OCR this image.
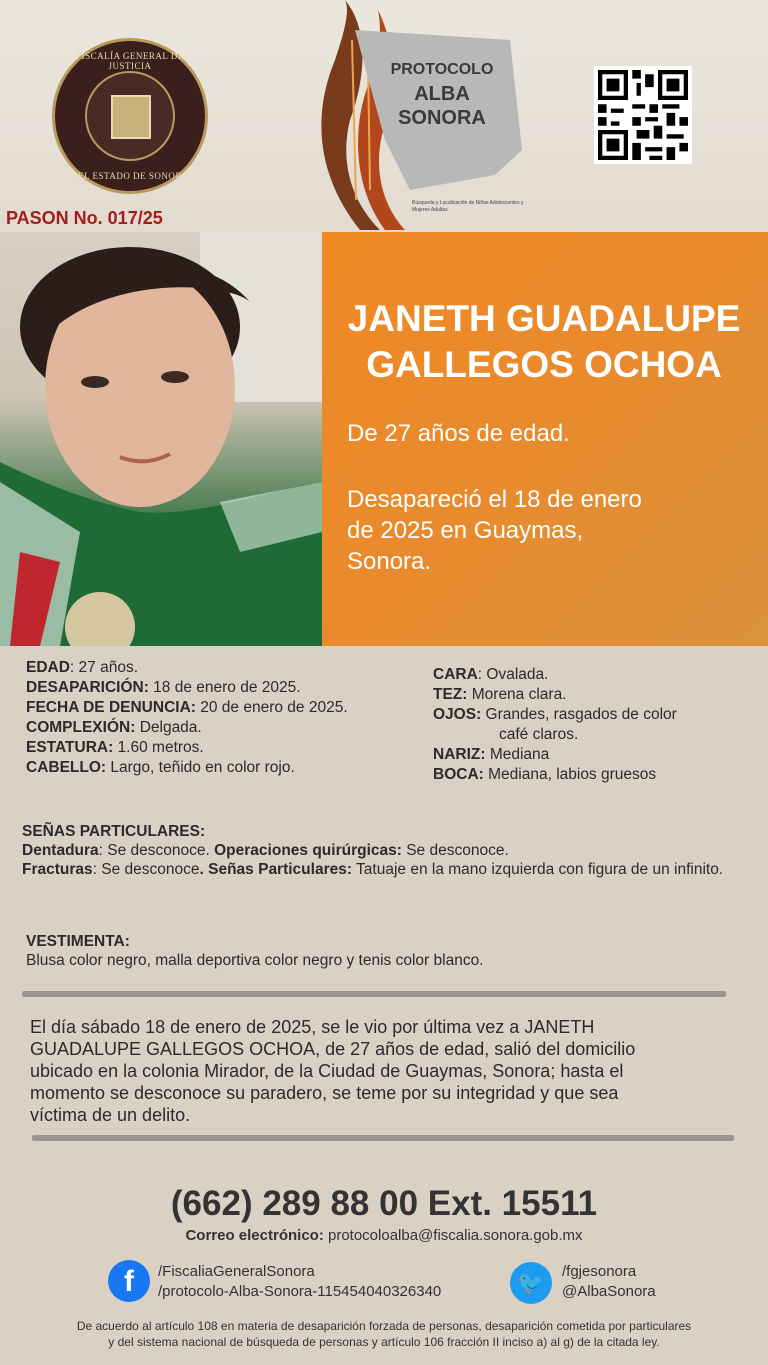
FISCALÍA GENERAL DE JUSTICIA
DEL ESTADO DE SONORA
PASON No. 017/25
PROTOCOLO
ALBA
SONORA
Búsqueda y Localización de Niñas Adolescentes y Mujeres Adultas
JANETH GUADALUPE
GALLEGOS OCHOA
De 27 años de edad.
Desapareció el 18 de enero
de 2025 en Guaymas,
Sonora.
EDAD: 27 años.
DESAPARICIÓN: 18 de enero de 2025.
FECHA DE DENUNCIA: 20 de enero de 2025.
COMPLEXIÓN: Delgada.
ESTATURA: 1.60 metros.
CABELLO: Largo, teñido en color rojo.
CARA: Ovalada.
TEZ: Morena clara.
OJOS: Grandes, rasgados de color
café claros.
NARIZ: Mediana
BOCA: Mediana, labios gruesos
SEÑAS PARTICULARES:
Dentadura: Se desconoce. Operaciones quirúrgicas: Se desconoce.
Fracturas: Se desconoce. Señas Particulares: Tatuaje en la mano izquierda con figura de un infinito.
VESTIMENTA:
Blusa color negro, malla deportiva color negro y tenis color blanco.
El día sábado 18 de enero de 2025, se le vio por última vez a JANETH
GUADALUPE GALLEGOS OCHOA, de 27 años de edad, salió del domicilio
ubicado en la colonia Mirador, de la Ciudad de Guaymas, Sonora; hasta el
momento se desconoce su paradero, se teme por su integridad y que sea
víctima de un delito.
(662) 289 88 00 Ext. 15511
Correo electrónico: protocoloalba@fiscalia.sonora.gob.mx
f	/FiscaliaGeneralSonora
/protocolo-Alba-Sonora-115454040326340	🐦	/fgjesonora
@AlbaSonora
De acuerdo al artículo 108 en materia de desaparición forzada de personas, desaparición cometida por particulares
y del sistema nacional de búsqueda de personas y artículo 106 fracción II inciso a) al g) de la citada ley.
